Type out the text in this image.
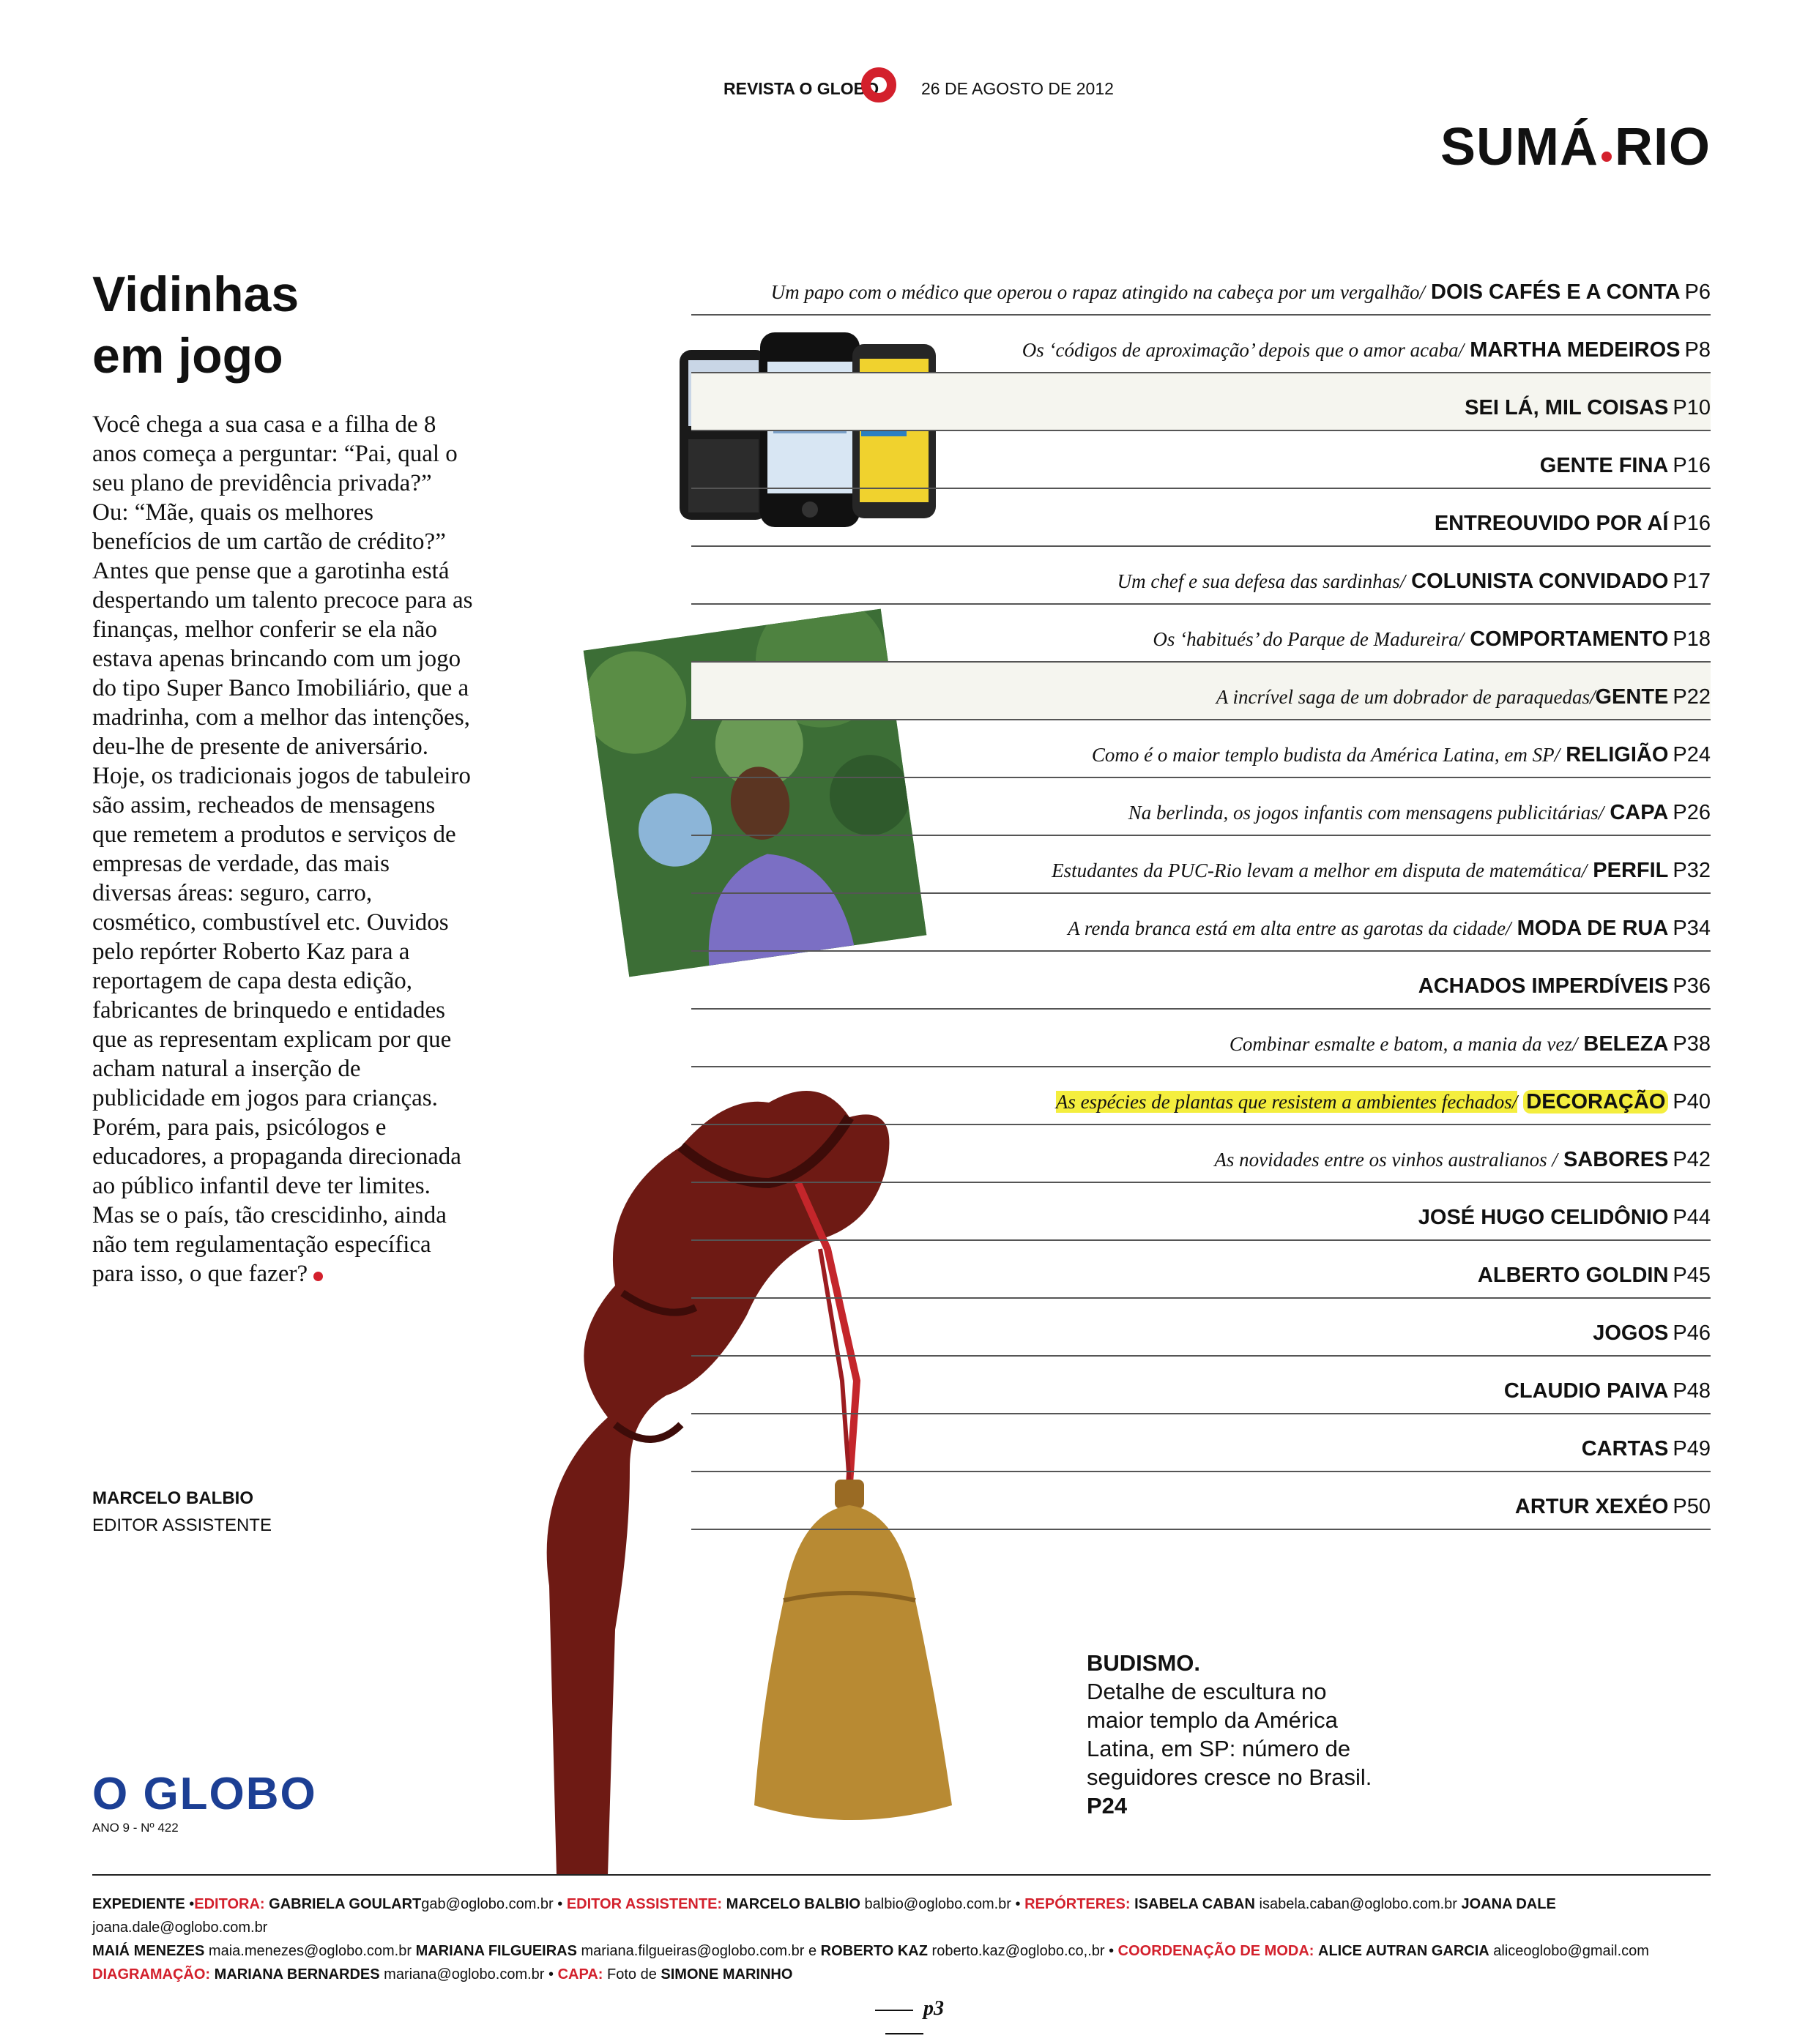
REVISTA O GLOBO	26 DE AGOSTO DE 2012
SUMÁ RIO
Vidinhas
em jogo

Você chega a sua casa e a filha de 8 anos começa a perguntar: “Pai, qual o seu plano de previdência privada?” Ou: “Mãe, quais os melhores benefícios de um cartão de crédito?” Antes que pense que a garotinha está despertando um talento precoce para as finanças, melhor conferir se ela não estava apenas brincando com um jogo do tipo Super Banco Imobiliário, que a madrinha, com a melhor das intenções, deu-lhe de presente de aniversário. Hoje, os tradicionais jogos de tabuleiro são assim, recheados de mensagens que remetem a produtos e serviços de empresas de verdade, das mais diversas áreas: seguro, carro, cosmético, combustível etc. Ouvidos pelo repórter Roberto Kaz para a reportagem de capa desta edição, fabricantes de brinquedo e entidades que as representam explicam por que acham natural a inserção de publicidade em jogos para crianças. Porém, para pais, psicólogos e educadores, a propaganda direcionada ao público infantil deve ter limites. Mas se o país, tão crescidinho, ainda não tem regulamentação específica para isso, o que fazer?

MARCELO BALBIO
EDITOR ASSISTENTE
O GLOBO
ANO 9 - Nº 422
Um papo com o médico que operou o rapaz atingido na cabeça por um vergalhão/ DOIS CAFÉS E A CONTA P6
Os ‘códigos de aproximação’ depois que o amor acaba/ MARTHA MEDEIROS P8
SEI LÁ, MIL COISAS P10
GENTE FINA P16
ENTREOUVIDO POR AÍ P16
Um chef e sua defesa das sardinhas/ COLUNISTA CONVIDADO P17
Os ‘habitués’ do Parque de Madureira/ COMPORTAMENTO P18
A incrível saga de um dobrador de paraquedas/GENTE P22
Como é o maior templo budista da América Latina, em SP/ RELIGIÃO P24
Na berlinda, os jogos infantis com mensagens publicitárias/ CAPA P26
Estudantes da PUC-Rio levam a melhor em disputa de matemática/ PERFIL P32
A renda branca está em alta entre as garotas da cidade/ MODA DE RUA P34
ACHADOS IMPERDÍVEIS P36
Combinar esmalte e batom, a mania da vez/ BELEZA P38
As espécies de plantas que resistem a ambientes fechados/ DECORAÇÃO P40
As novidades entre os vinhos australianos / SABORES P42
JOSÉ HUGO CELIDÔNIO P44
ALBERTO GOLDIN P45
JOGOS P46
CLAUDIO PAIVA P48
CARTAS P49
ARTUR XEXÉO P50
BUDISMO.
Detalhe de escultura no maior templo da América Latina, em SP: número de seguidores cresce no Brasil. P24
EXPEDIENTE •EDITORA: GABRIELA GOULARTgab@oglobo.com.br • EDITOR ASSISTENTE: MARCELO BALBIO balbio@oglobo.com.br • REPÓRTERES: ISABELA CABAN isabela.caban@oglobo.com.br JOANA DALE joana.dale@oglobo.com.br
MAIÁ MENEZES maia.menezes@oglobo.com.br MARIANA FILGUEIRAS mariana.filgueiras@oglobo.com.br e ROBERTO KAZ roberto.kaz@oglobo.co,.br • COORDENAÇÃO DE MODA: ALICE AUTRAN GARCIA aliceoglobo@gmail.com
DIAGRAMAÇÃO: MARIANA BERNARDES mariana@oglobo.com.br • CAPA: Foto de SIMONE MARINHO
p3
